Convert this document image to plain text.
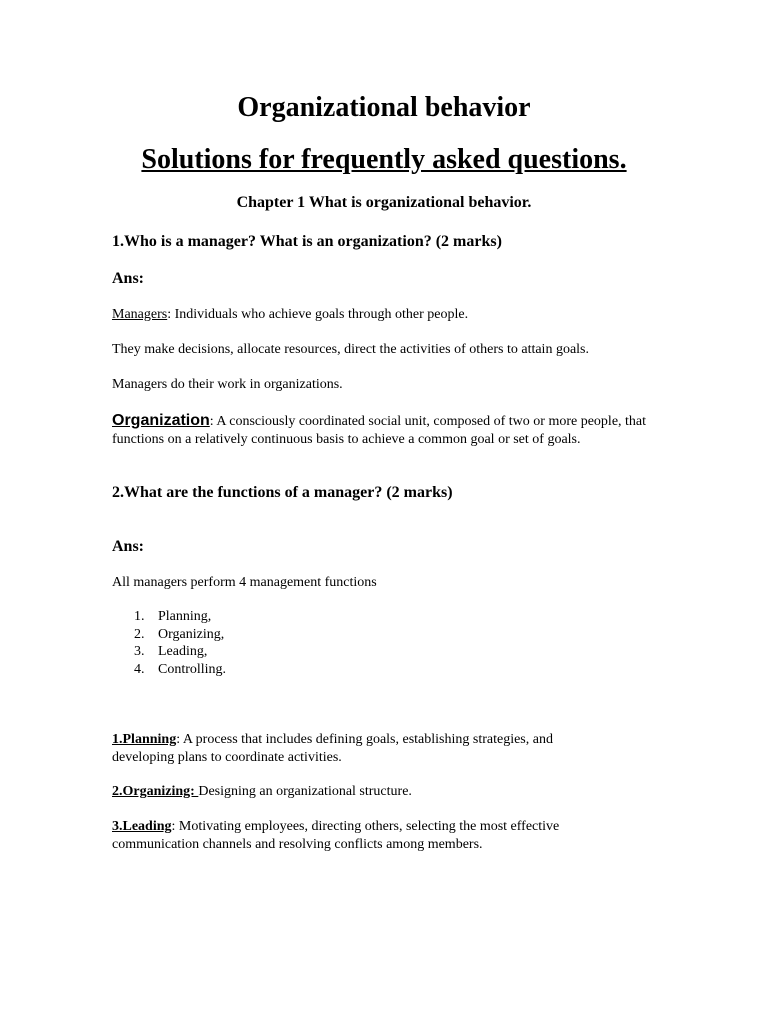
Organizational behavior
Solutions for frequently asked questions.
Chapter 1 What is organizational behavior.

1.Who is a manager? What is an organization? (2 marks)

Ans:

Managers: Individuals who achieve goals through other people.

They make decisions, allocate resources, direct the activities of others to attain goals.

Managers do their work in organizations.

Organization: A consciously coordinated social unit, composed of two or more people, that functions on a relatively continuous basis to achieve a common goal or set of goals.

2.What are the functions of a manager? (2 marks)

Ans:

All managers perform 4 management functions

1. Planning,
2. Organizing,
3. Leading,
4. Controlling.

1.Planning: A process that includes defining goals, establishing strategies, and developing plans to coordinate activities.

2.Organizing: Designing an organizational structure.

3.Leading: Motivating employees, directing others, selecting the most effective communication channels and resolving conflicts among members.
